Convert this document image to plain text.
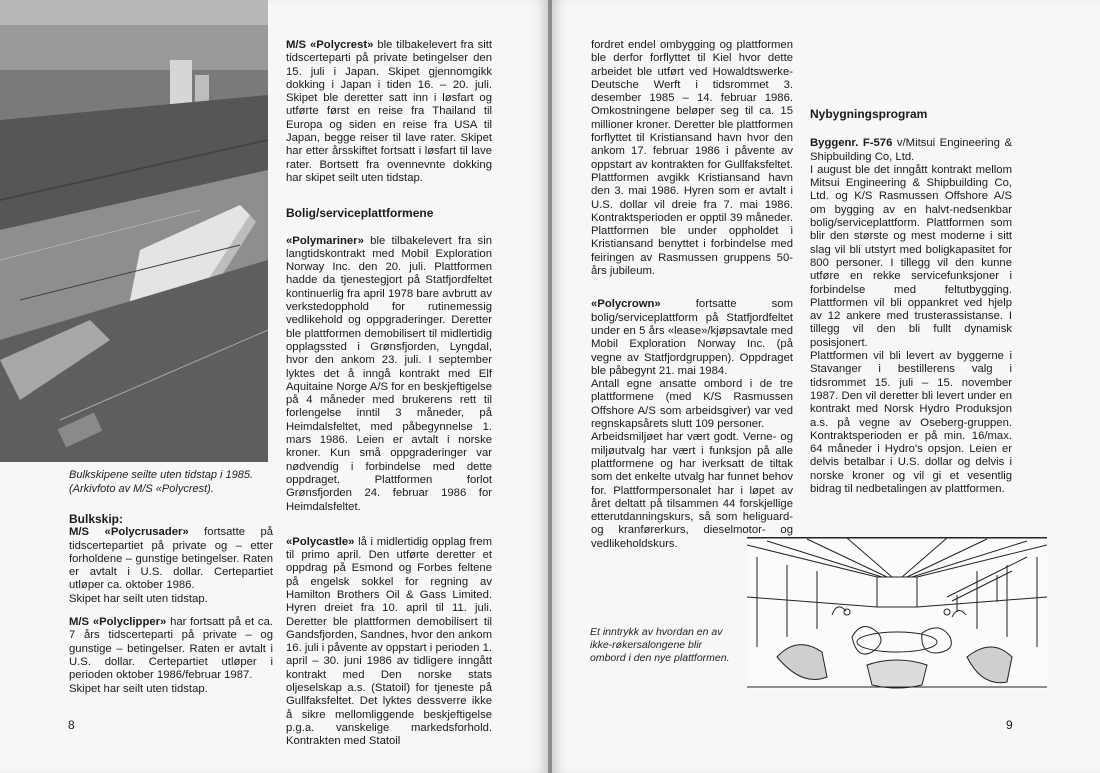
Bulkskipene seilte uten tidstap i 1985. (Arkivfoto av M/S «Polycrest).
Bulkskip:

M/S «Polycrusader» fortsatte på tidscertepartiet på private og – etter forholdene – gunstige betingelser. Raten er avtalt i U.S. dollar. Certepartiet utløper ca. oktober 1986.

Skipet har seilt uten tidstap.

M/S «Polyclipper» har fortsatt på et ca. 7 års tidscerteparti på private – og gunstige – betingelser. Raten er avtalt i U.S. dollar. Certepartiet utløper i perioden oktober 1986/februar 1987.

Skipet har seilt uten tidstap.

M/S «Polycrest» ble tilbakelevert fra sitt tidscerteparti på private betingelser den 15. juli i Japan. Skipet gjennomgikk dokking i Japan i tiden 16. – 20. juli. Skipet ble deretter satt inn i løsfart og utførte først en reise fra Thailand til Europa og siden en reise fra USA til Japan, begge reiser til lave rater. Skipet har etter årsskiftet fortsatt i løsfart til lave rater. Bortsett fra ovennevnte dokking har skipet seilt uten tidstap.

Bolig/serviceplattformene

«Polymariner» ble tilbakelevert fra sin langtidskontrakt med Mobil Exploration Norway Inc. den 20. juli. Plattformen hadde da tjenestegjort på Statfjordfeltet kontinuerlig fra april 1978 bare avbrutt av verkstedopphold for rutinemessig vedlikehold og oppgraderinger. Deretter ble plattformen demobilisert til midlertidig opplagssted i Grønsfjorden, Lyngdal, hvor den ankom 23. juli. I september lyktes det å inngå kontrakt med Elf Aquitaine Norge A/S for en beskjeftigelse på 4 måneder med brukerens rett til forlengelse inntil 3 måneder, på Heimdalsfeltet, med påbegynnelse 1. mars 1986. Leien er avtalt i norske kroner. Kun små oppgraderinger var nødvendig i forbindelse med dette oppdraget. Plattformen forlot Grønsfjorden 24. februar 1986 for Heimdalsfeltet.

«Polycastle» lå i midlertidig opplag frem til primo april. Den utførte deretter et oppdrag på Esmond og Forbes feltene på engelsk sokkel for regning av Hamilton Brothers Oil & Gass Limited. Hyren dreiet fra 10. april til 11. juli. Deretter ble plattformen demobilisert til Gandsfjorden, Sandnes, hvor den ankom 16. juli i påvente av oppstart i perioden 1. april – 30. juni 1986 av tidligere inngått kontrakt med Den norske stats oljeselskap a.s. (Statoil) for tjeneste på Gullfaksfeltet. Det lyktes dessverre ikke å sikre mellomliggende beskjeftigelse p.g.a. vanskelige markedsforhold. Kontrakten med Statoil

8

fordret endel ombygging og plattformen ble derfor forflyttet til Kiel hvor dette arbeidet ble utført ved Howaldtswerke-Deutsche Werft i tidsrommet 3. desember 1985 – 14. februar 1986. Omkostningene beløper seg til ca. 15 millioner kroner. Deretter ble plattformen forflyttet til Kristiansand havn hvor den ankom 17. februar 1986 i påvente av oppstart av kontrakten for Gullfaksfeltet. Plattformen avgikk Kristiansand havn den 3. mai 1986. Hyren som er avtalt i U.S. dollar vil dreie fra 7. mai 1986. Kontraktsperioden er opptil 39 måneder. Plattformen ble under oppholdet i Kristiansand benyttet i forbindelse med feiringen av Rasmussen gruppens 50-års jubileum.

«Polycrown»	fortsatte som bolig/serviceplattform på Statfjordfeltet under en 5 års «lease»/kjøpsavtale med Mobil Exploration Norway Inc. (på vegne av Statfjordgruppen). Oppdraget ble påbegynt 21. mai 1984.

Antall egne ansatte ombord i de tre plattformene (med K/S Rasmussen Offshore A/S som arbeidsgiver) var ved regnskapsårets slutt 109 personer.

Arbeidsmiljøet har vært godt. Verne- og miljøutvalg har vært i funksjon på alle plattformene og har iverksatt de tiltak som det enkelte utvalg har funnet behov for. Plattformpersonalet har i løpet av året deltatt på tilsammen 44 forskjellige etterutdanningskurs, så som heliguard- og kranførerkurs, dieselmotor- og vedlikeholdskurs.

Nybygningsprogram

Byggenr. F-576 v/Mitsui Engineering & Shipbuilding Co, Ltd.

I august ble det inngått kontrakt mellom Mitsui Engineering & Shipbuilding Co, Ltd. og K/S Rasmussen Offshore A/S om bygging av en halvt-nedsenkbar bolig/serviceplattform. Plattformen som blir den største og mest moderne i sitt slag vil bli utstyrt med boligkapasitet for 800 personer. I tillegg vil den kunne utføre en rekke servicefunksjoner i forbindelse med feltutbygging. Plattformen vil bli oppankret ved hjelp av 12 ankere med trusterassistanse. I tillegg vil den bli fullt dynamisk posisjonert.

Plattformen vil bli levert av byggerne i Stavanger i bestillerens valg i tidsrommet 15. juli – 15. november 1987. Den vil deretter bli levert under en kontrakt med Norsk Hydro Produksjon a.s. på vegne av Oseberg-gruppen. Kontraktsperioden er på min. 16/max. 64 måneder i Hydro's opsjon. Leien er delvis betalbar i U.S. dollar og delvis i norske kroner og vil gi et vesentlig bidrag til nedbetalingen av plattformen.

9
Et inntrykk av hvordan en av ikke-røkersalongene blir ombord i den nye plattformen.
